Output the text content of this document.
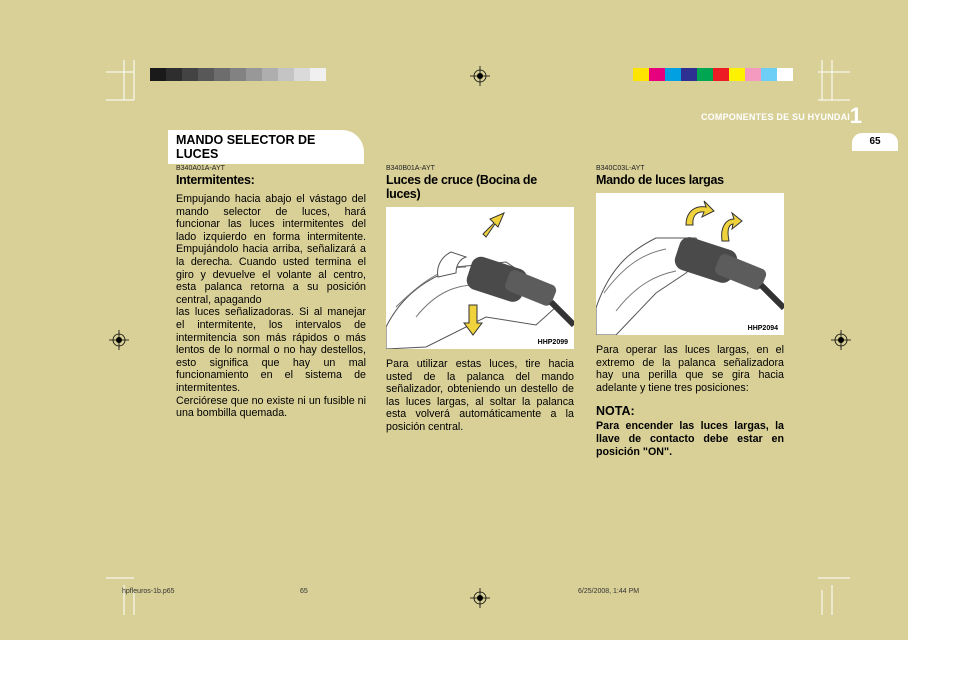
1
COMPONENTES DE SU HYUNDAI
65
MANDO SELECTOR DE LUCES
B340A01A-AYT
Intermitentes:

Empujando hacia abajo el vástago del mando selector de luces, hará funcionar las luces intermitentes del lado izquierdo en forma intermitente. Empujándolo hacia arriba, señalizará a la derecha. Cuando usted termina el giro y devuelve el volante al centro, esta palanca retorna a su posición central, apagando

las luces señalizadoras. Si al manejar el intermitente, los intervalos de intermitencia son más rápidos o más lentos de lo normal o no hay destellos, esto significa que hay un mal funcionamiento en el sistema de intermitentes.

Cerciórese que no existe ni un fusible ni una bombilla quemada.

B340B01A-AYT
Luces de cruce (Bocina de luces)
HHP2099

Para utilizar estas luces, tire hacia usted de la palanca del mando señalizador, obteniendo un destello de las luces largas, al soltar la palanca esta volverá automáticamente a la posición central.

B340C03L-AYT
Mando de luces largas
HHP2094

Para operar las luces largas, en el extremo de la palanca señalizadora hay una perilla que se gira hacia adelante y tiene tres posiciones:

NOTA:
Para encender las luces largas, la llave de contacto debe estar en posición "ON".
hpfleuros-1b.p65	65	6/25/2008, 1:44 PM
